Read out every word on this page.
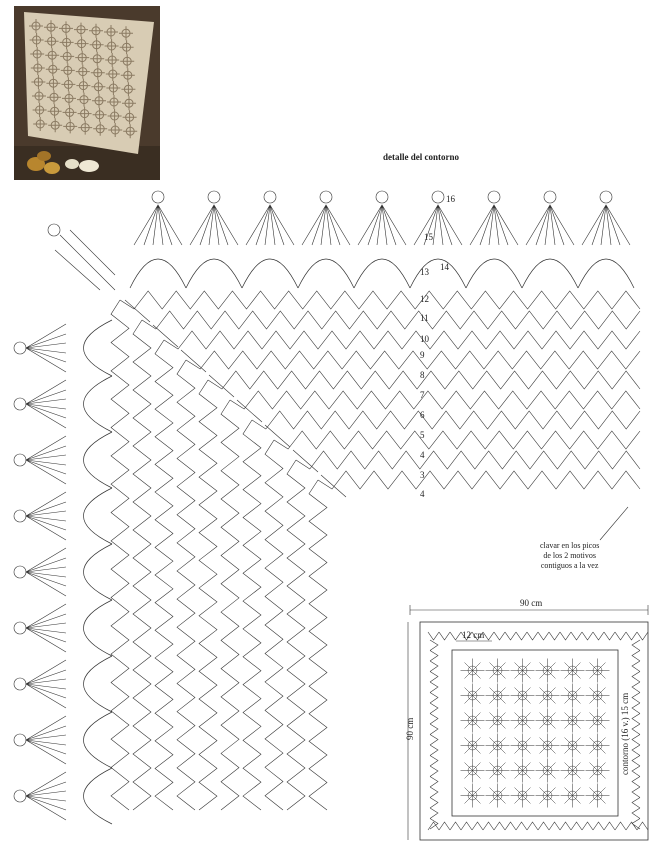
16
15
14
13
12
11
10
9
8
7
6
5
4
3
4
detalle del contorno
clavar en los picos
de los 2 motivos
contiguos a la vez
90 cm
90 cm
12 cm
contorno (16 v.) 15 cm
